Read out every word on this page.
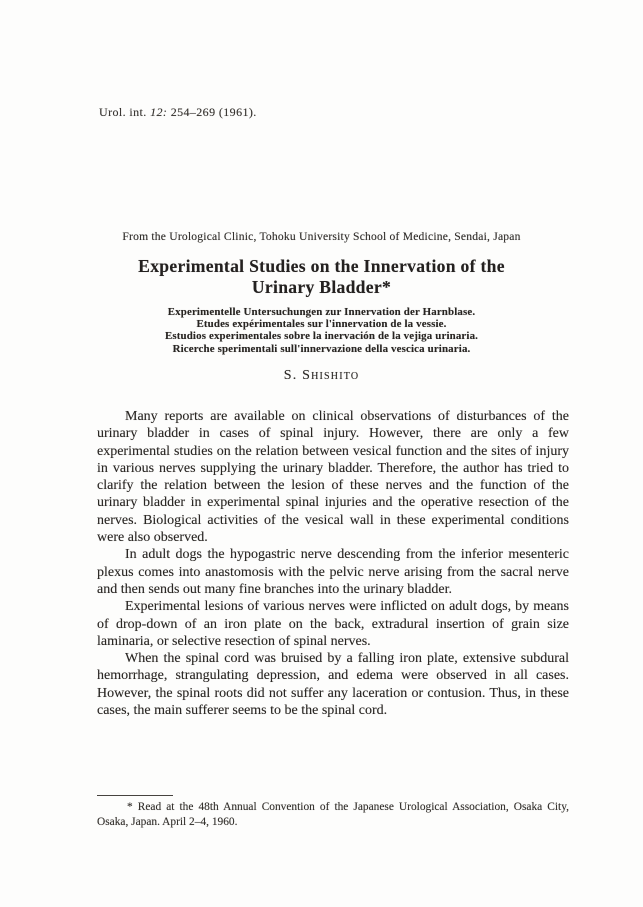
Urol. int. 12: 254–269 (1961).
From the Urological Clinic, Tohoku University School of Medicine, Sendai, Japan
Experimental Studies on the Innervation of the
Urinary Bladder*
Experimentelle Untersuchungen zur Innervation der Harnblase.
Etudes expérimentales sur l'innervation de la vessie.
Estudios experimentales sobre la inervación de la vejiga urinaria.
Ricerche sperimentali sull'innervazione della vescica urinaria.
S. Shishito

Many reports are available on clinical observations of disturbances of the urinary bladder in cases of spinal injury. However, there are only a few experimental studies on the relation between vesical function and the sites of injury in various nerves supplying the urinary bladder. Therefore, the author has tried to clarify the relation between the lesion of these nerves and the function of the urinary bladder in experimental spinal injuries and the operative resection of the nerves. Biological activities of the vesical wall in these experimental conditions were also observed.

In adult dogs the hypogastric nerve descending from the inferior mesenteric plexus comes into anastomosis with the pelvic nerve arising from the sacral nerve and then sends out many fine branches into the urinary bladder.

Experimental lesions of various nerves were inflicted on adult dogs, by means of drop-down of an iron plate on the back, extradural insertion of grain size laminaria, or selective resection of spinal nerves.

When the spinal cord was bruised by a falling iron plate, extensive subdural hemorrhage, strangulating depression, and edema were observed in all cases. However, the spinal roots did not suffer any laceration or contusion. Thus, in these cases, the main sufferer seems to be the spinal cord.

* Read at the 48th Annual Convention of the Japanese Urological Association, Osaka City, Osaka, Japan. April 2–4, 1960.
